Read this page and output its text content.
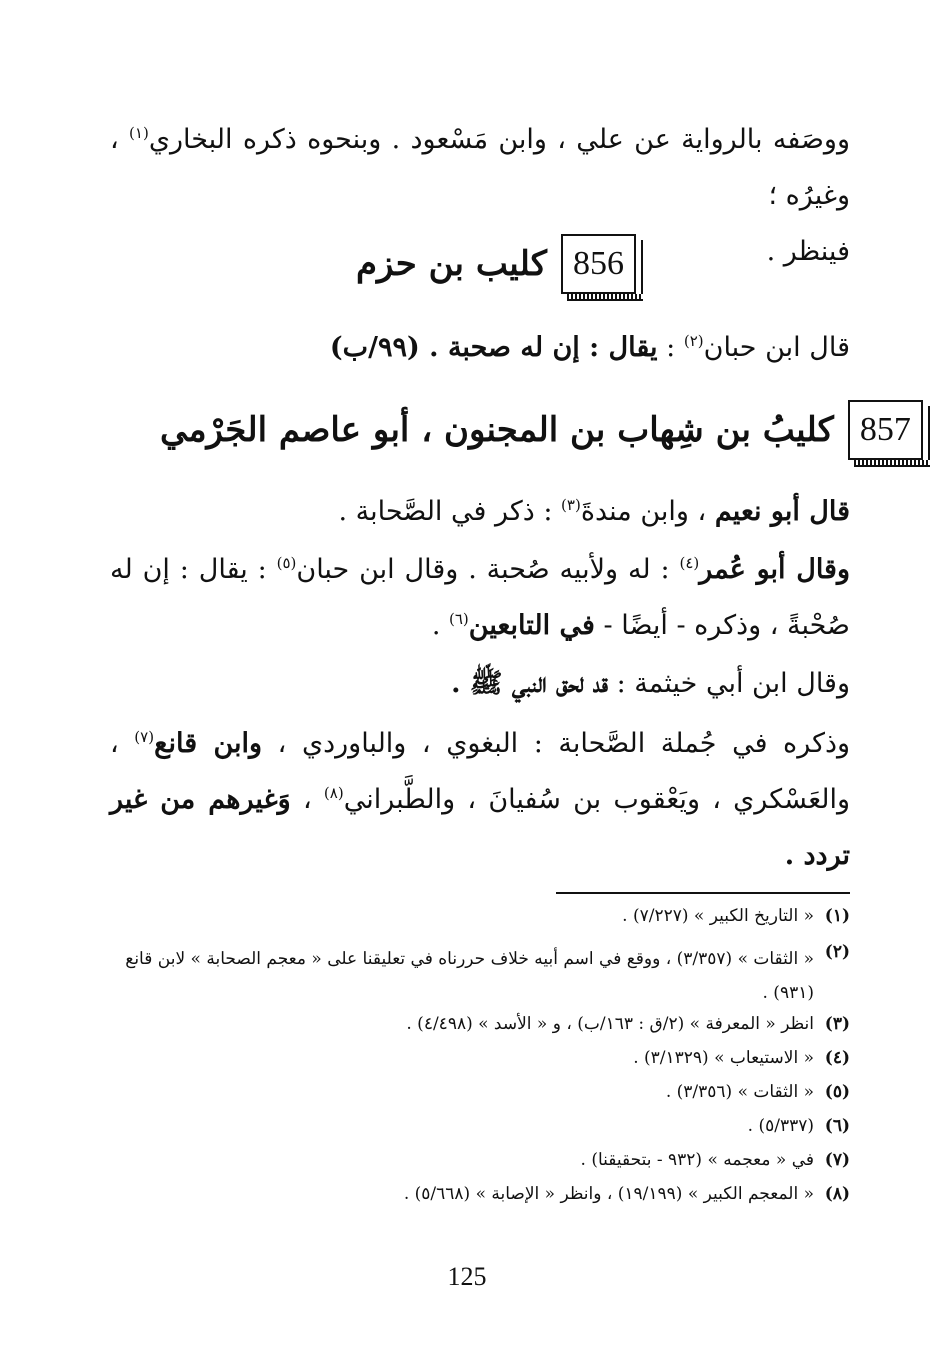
ووصَفه بالرواية عن علي ، وابن مَسْعود . وبنحوه ذكره البخاري$^{(١)}$ ، وغيرُه ؛
فينظر .
856
كليب بن حزم
قال ابن حبان$^{(٢)}$ : يقال : إن له صحبة . (٩٩/ب)
857
كليبُ بن شِهاب بن المجنون ، أبو عاصم الجَرْمي
قال أبو نعيم ، وابن مندةَ$^{(٣)}$ : ذكر في الصَّحابة .
وقال أبو عُمر$^{(٤)}$ : له ولأبيه صُحبة . وقال ابن حبان$^{(٥)}$ : يقال : إن له صُحْبةً ، وذكره - أيضًا - في التابعين$^{(٦)}$ .
وقال ابن أبي خيثمة : قد لحق النبي ﷺ .
وذكره في جُملة الصَّحابة : البغوي ، والباوردي ، وابن قانع$^{(٧)}$ ، والعَسْكري ، ويَعْقوب بن سُفيانَ ، والطَّبراني$^{(٨)}$ ، وَغيرهم من غير تردد .
(١)
« التاريخ الكبير » (٧/٢٢٧) .
(٢)
« الثقات » (٣/٣٥٧) ، ووقع في اسم أبيه خلاف حررناه في تعليقنا على « معجم الصحابة » لابن قانع (٩٣١) .
(٣)
انظر « المعرفة » (٢/ق : ١٦٣/ب) ، و « الأسد » (٤/٤٩٨) .
(٤)
« الاستيعاب » (٣/١٣٢٩) .
(٥)
« الثقات » (٣/٣٥٦) .
(٦)
(٥/٣٣٧) .
(٧)
في « معجمه » (٩٣٢ - بتحقيقنا) .
(٨)
« المعجم الكبير » (١٩/١٩٩) ، وانظر « الإصابة » (٥/٦٦٨) .
125
